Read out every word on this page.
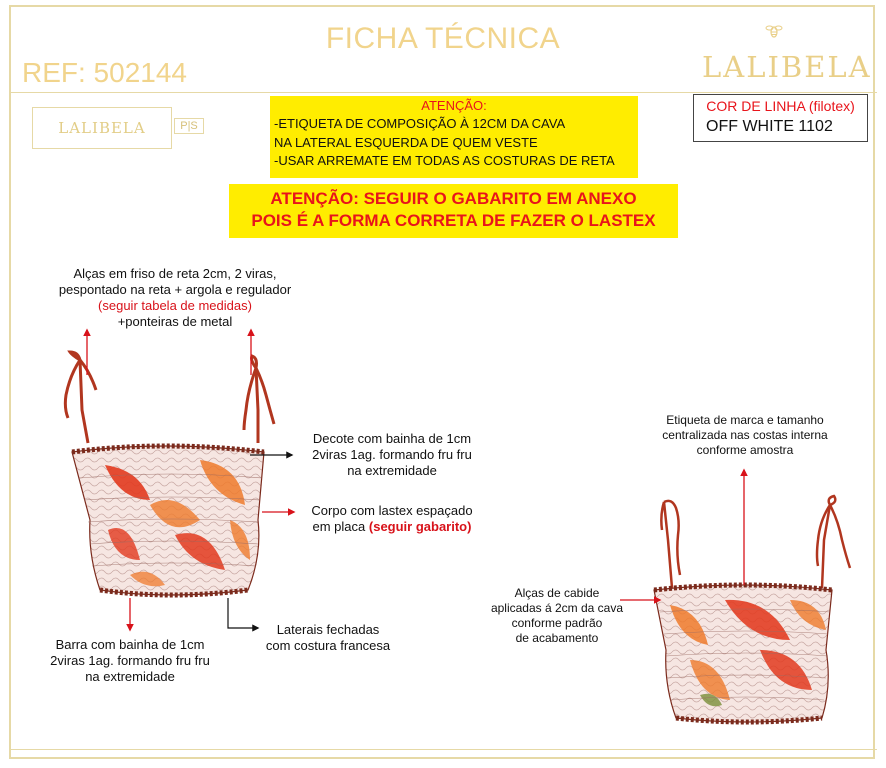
FICHA TÉCNICA
REF: 502144	LALIBELA
LALIBELA	P|S
ATENÇÃO:
-ETIQUETA DE COMPOSIÇÃO À 12CM DA CAVA
NA LATERAL ESQUERDA DE QUEM VESTE
-USAR ARREMATE EM TODAS AS COSTURAS DE RETA
COR DE LINHA (filotex)
OFF WHITE 1102
ATENÇÃO: SEGUIR O GABARITO EM ANEXO
POIS É A FORMA CORRETA DE FAZER O LASTEX
Alças em friso de reta 2cm, 2 viras,
pespontado na reta + argola e regulador
(seguir tabela de medidas)
+ponteiras de metal
Decote com bainha de 1cm
2viras 1ag. formando fru fru
na extremidade
Corpo com lastex espaçado
em placa (seguir gabarito)
Barra com bainha de 1cm
2viras 1ag. formando fru fru
na extremidade
Laterais fechadas
com costura francesa
Etiqueta de marca e tamanho
centralizada nas costas interna
conforme amostra
Alças de cabide
aplicadas á 2cm da cava
conforme padrão
de acabamento
